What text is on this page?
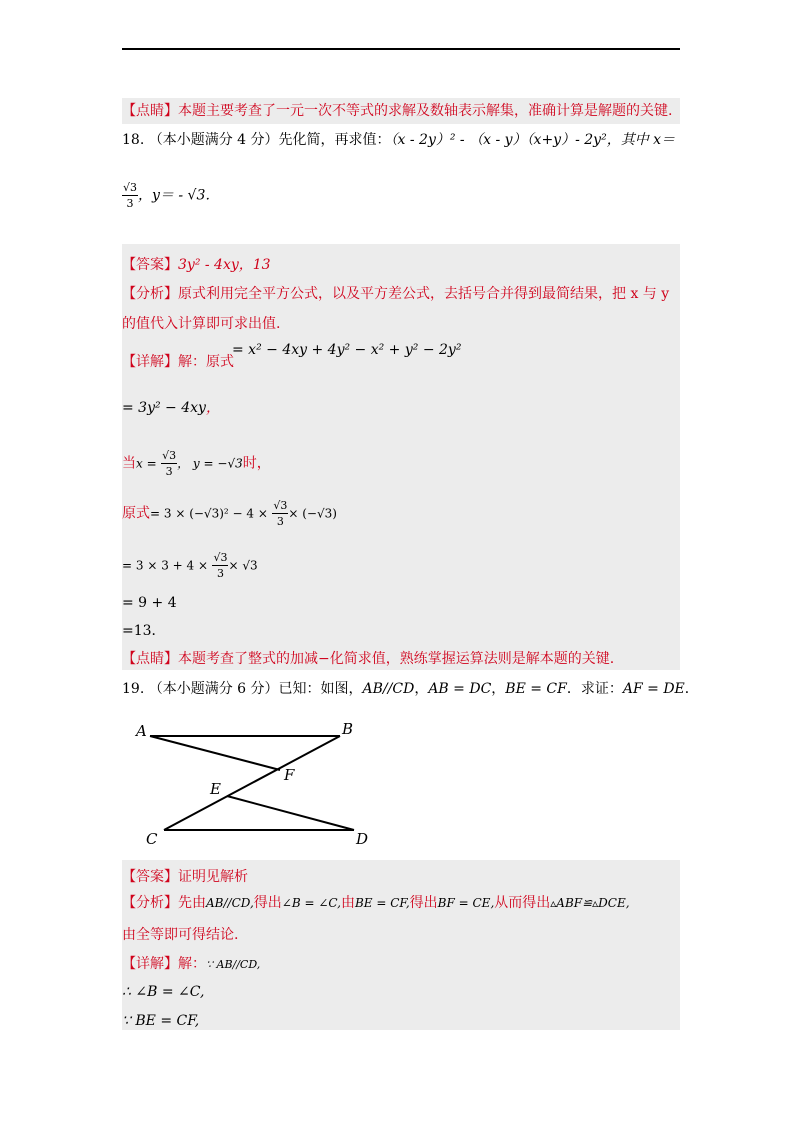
【点睛】本题主要考查了一元一次不等式的求解及数轴表示解集，准确计算是解题的关键.
18. （本小题满分 4 分）先化简，再求值：（x - 2y）² - （x - y）（x+y）- 2y²，其中 x＝
$\frac{√3}{3}$ ，y＝ - √3．
【答案】3y² - 4xy，13
【分析】原式利用完全平方公式，以及平方差公式，去括号合并得到最简结果，把 x 与 y
的值代入计算即可求出值.
【详解】解：原式
= x² − 4xy + 4y² − x² + y² − 2y²
= 3y² − 4xy，
当$x = \frac{√3}{3}$ ， y = −√3时，
原式= $3 \times (-√3)^2 - 4 \times \frac{√3}{3} \times (-√3)$
= $3 \times 3 + 4 \times \frac{√3}{3} \times √3$
= 9 + 4
=13．
【点睛】本题考查了整式的加减−化简求值，熟练掌握运算法则是解本题的关键.
19. （本小题满分 6 分）已知：如图，AB//CD，AB = DC，BE = CF．求证：AF = DE．
A	B
F
E
C	D
【答案】证明见解析
【分析】先由AB//CD,得出∠B = ∠C,由BE = CF,得出BF = CE,从而得出▵ABF≌▵DCE,
由全等即可得结论.
【详解】解：∵ AB//CD,
∴ ∠B = ∠C,
∵ BE = CF,
